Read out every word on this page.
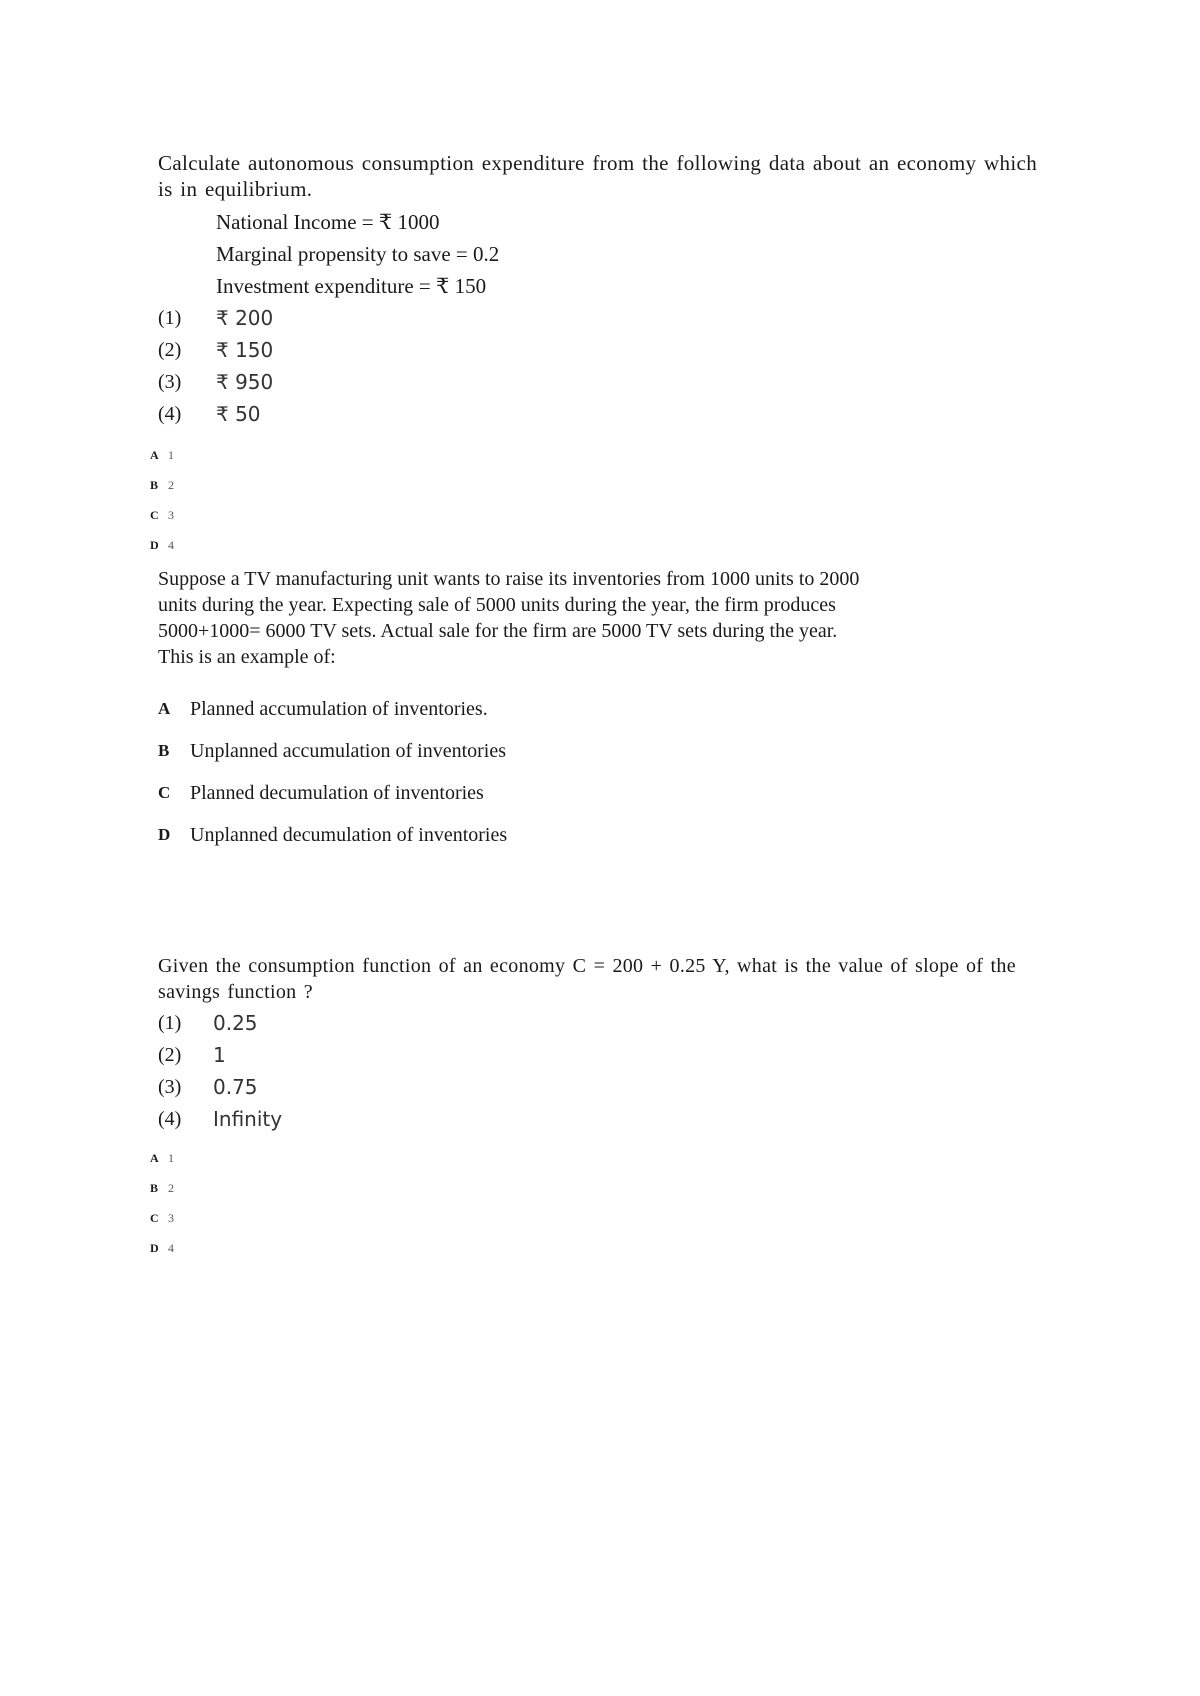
Calculate autonomous consumption expenditure from the following data about an economy which is in equilibrium.

National Income = ₹ 1000
Marginal propensity to save = 0.2
Investment expenditure = ₹ 150
(1)	₹ 200
(2)	₹ 150
(3)	₹ 950
(4)	₹ 50
A 1
B 2
C 3
D 4

Suppose a TV manufacturing unit wants to raise its inventories from 1000 units to 2000 units during the year. Expecting sale of 5000 units during the year, the firm produces 5000+1000= 6000 TV sets. Actual sale for the firm are 5000 TV sets during the year.

This is an example of:

A Planned accumulation of inventories.
B	Unplanned accumulation of inventories
C Planned decumulation of inventories
D Unplanned decumulation of inventories

Given the consumption function of an economy C = 200 + 0.25 Y, what is the value of slope of the savings function ?

(1)	0.25
(2)	1
(3)	0.75
(4)	Infinity
A 1
B 2
C 3
D 4
